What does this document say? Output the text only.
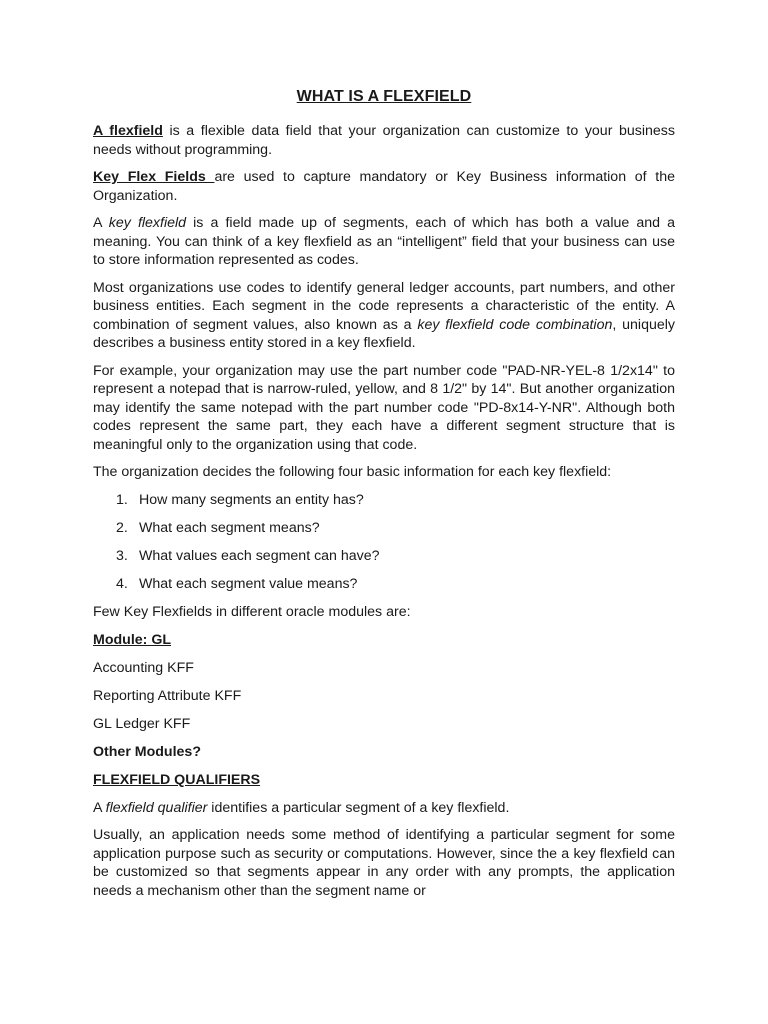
WHAT IS A FLEXFIELD

A flexfield is a flexible data field that your organization can customize to your business needs without programming.

Key Flex Fields are used to capture mandatory or Key Business information of the Organization.

A key flexfield is a field made up of segments, each of which has both a value and a meaning. You can think of a key flexfield as an “intelligent” field that your business can use to store information represented as codes.

Most organizations use codes to identify general ledger accounts, part numbers, and other business entities. Each segment in the code represents a characteristic of the entity. A combination of segment values, also known as a key flexfield code combination, uniquely describes a business entity stored in a key flexfield.

For example, your organization may use the part number code "PAD-NR-YEL-8 1/2x14" to represent a notepad that is narrow-ruled, yellow, and 8 1/2" by 14". But another organization may identify the same notepad with the part number code "PD-8x14-Y-NR". Although both codes represent the same part, they each have a different segment structure that is meaningful only to the organization using that code.

The organization decides the following four basic information for each key flexfield:

1. How many segments an entity has?
2. What each segment means?
3. What values each segment can have?
4. What each segment value means?
Few Key Flexfields in different oracle modules are:
Module: GL
Accounting KFF
Reporting Attribute KFF
GL Ledger KFF
Other Modules?
FLEXFIELD QUALIFIERS

A flexfield qualifier identifies a particular segment of a key flexfield.

Usually, an application needs some method of identifying a particular segment for some application purpose such as security or computations. However, since the a key flexfield can be customized so that segments appear in any order with any prompts, the application needs a mechanism other than the segment name or
